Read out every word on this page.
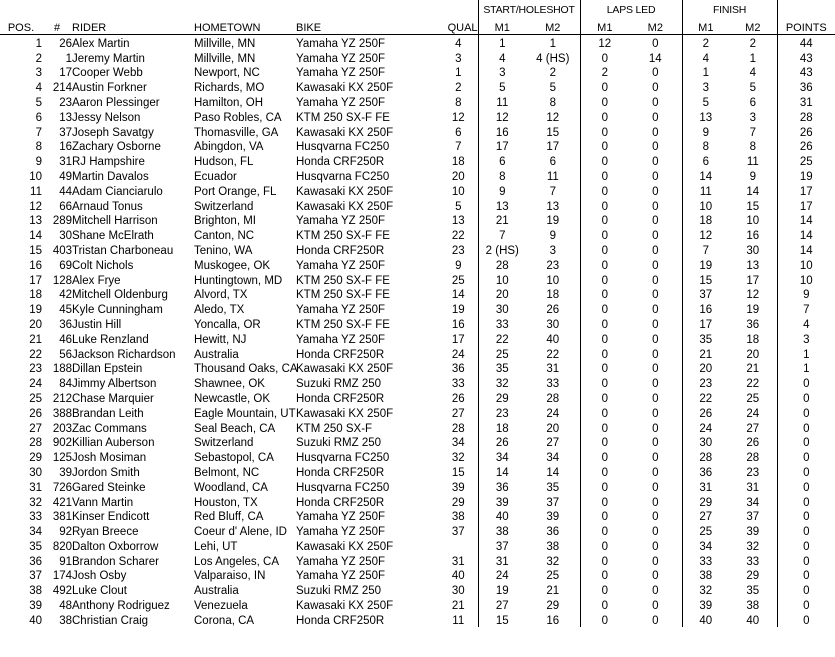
						START/HOLESHOT		LAPS LED		FINISH		
POS.	#	RIDER	HOMETOWN	BIKE	QUAL	M1	M2	M1	M2	M1	M2	POINTS
1	26	Alex Martin	Millville, MN	Yamaha YZ 250F	4	1	1	12	0	2	2	44
2	1	Jeremy Martin	Millville, MN	Yamaha YZ 250F	3	4	4 (HS)	0	14	4	1	43
3	17	Cooper Webb	Newport, NC	Yamaha YZ 250F	1	3	2	2	0	1	4	43
4	214	Austin Forkner	Richards, MO	Kawasaki KX 250F	2	5	5	0	0	3	5	36
5	23	Aaron Plessinger	Hamilton, OH	Yamaha YZ 250F	8	11	8	0	0	5	6	31
6	13	Jessy Nelson	Paso Robles, CA	KTM 250 SX-F FE	12	12	12	0	0	13	3	28
7	37	Joseph Savatgy	Thomasville, GA	Kawasaki KX 250F	6	16	15	0	0	9	7	26
8	16	Zachary Osborne	Abingdon, VA	Husqvarna FC250	7	17	17	0	0	8	8	26
9	31	RJ Hampshire	Hudson, FL	Honda CRF250R	18	6	6	0	0	6	11	25
10	49	Martin Davalos	Ecuador	Husqvarna FC250	20	8	11	0	0	14	9	19
11	44	Adam Cianciarulo	Port Orange, FL	Kawasaki KX 250F	10	9	7	0	0	11	14	17
12	66	Arnaud Tonus	Switzerland	Kawasaki KX 250F	5	13	13	0	0	10	15	17
13	289	Mitchell Harrison	Brighton, MI	Yamaha YZ 250F	13	21	19	0	0	18	10	14
14	30	Shane McElrath	Canton, NC	KTM 250 SX-F FE	22	7	9	0	0	12	16	14
15	403	Tristan Charboneau	Tenino, WA	Honda CRF250R	23	2 (HS)	3	0	0	7	30	14
16	69	Colt Nichols	Muskogee, OK	Yamaha YZ 250F	9	28	23	0	0	19	13	10
17	128	Alex Frye	Huntingtown, MD	KTM 250 SX-F FE	25	10	10	0	0	15	17	10
18	42	Mitchell Oldenburg	Alvord, TX	KTM 250 SX-F FE	14	20	18	0	0	37	12	9
19	45	Kyle Cunningham	Aledo, TX	Yamaha YZ 250F	19	30	26	0	0	16	19	7
20	36	Justin Hill	Yoncalla, OR	KTM 250 SX-F FE	16	33	30	0	0	17	36	4
21	46	Luke Renzland	Hewitt, NJ	Yamaha YZ 250F	17	22	40	0	0	35	18	3
22	56	Jackson Richardson	Australia	Honda CRF250R	24	25	22	0	0	21	20	1
23	188	Dillan Epstein	Thousand Oaks, CA	Kawasaki KX 250F	36	35	31	0	0	20	21	1
24	84	Jimmy Albertson	Shawnee, OK	Suzuki RMZ 250	33	32	33	0	0	23	22	0
25	212	Chase Marquier	Newcastle, OK	Honda CRF250R	26	29	28	0	0	22	25	0
26	388	Brandan Leith	Eagle Mountain, UT	Kawasaki KX 250F	27	23	24	0	0	26	24	0
27	203	Zac Commans	Seal Beach, CA	KTM 250 SX-F	28	18	20	0	0	24	27	0
28	902	Killian Auberson	Switzerland	Suzuki RMZ 250	34	26	27	0	0	30	26	0
29	125	Josh Mosiman	Sebastopol, CA	Husqvarna FC250	32	34	34	0	0	28	28	0
30	39	Jordon Smith	Belmont, NC	Honda CRF250R	15	14	14	0	0	36	23	0
31	726	Gared Steinke	Woodland, CA	Husqvarna FC250	39	36	35	0	0	31	31	0
32	421	Vann Martin	Houston, TX	Honda CRF250R	29	39	37	0	0	29	34	0
33	381	Kinser Endicott	Red Bluff, CA	Yamaha YZ 250F	38	40	39	0	0	27	37	0
34	92	Ryan Breece	Coeur d' Alene, ID	Yamaha YZ 250F	37	38	36	0	0	25	39	0
35	820	Dalton Oxborrow	Lehi, UT	Kawasaki KX 250F		37	38	0	0	34	32	0
36	91	Brandon Scharer	Los Angeles, CA	Yamaha YZ 250F	31	31	32	0	0	33	33	0
37	174	Josh Osby	Valparaiso, IN	Yamaha YZ 250F	40	24	25	0	0	38	29	0
38	492	Luke Clout	Australia	Suzuki RMZ 250	30	19	21	0	0	32	35	0
39	48	Anthony Rodriguez	Venezuela	Kawasaki KX 250F	21	27	29	0	0	39	38	0
40	38	Christian Craig	Corona, CA	Honda CRF250R	11	15	16	0	0	40	40	0
